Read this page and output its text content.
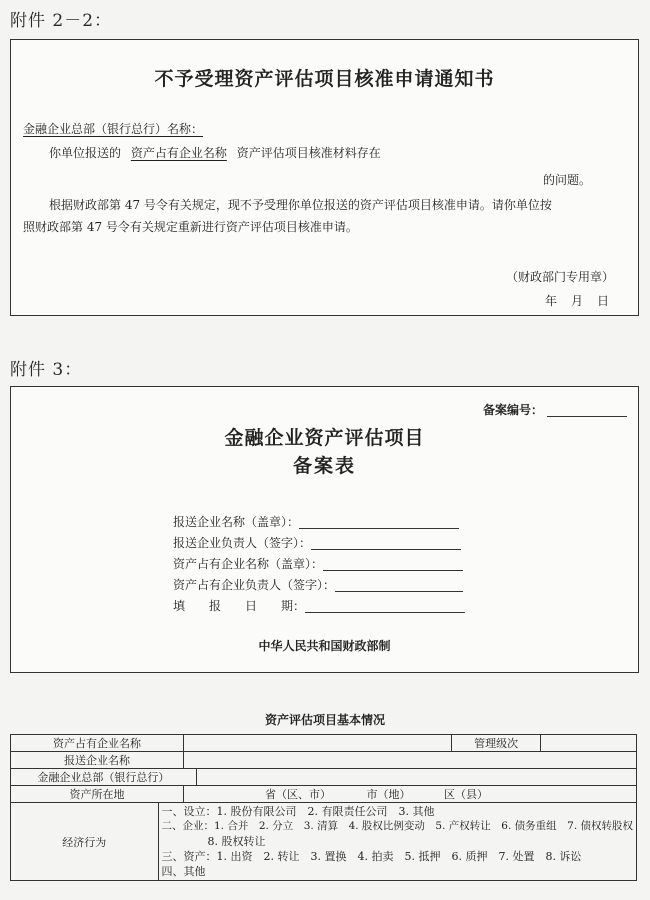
附件 2－2：
不予受理资产评估项目核准申请通知书
金融企业总部（银行总行）名称：
你单位报送的 资产占有企业名称 资产评估项目核准材料存在
的问题。
根据财政部第 47 号令有关规定，现不予受理你单位报送的资产评估项目核准申请。请你单位按
照财政部第 47 号令有关规定重新进行资产评估项目核准申请。
（财政部门专用章）
年　月　日
附件 3：
备案编号：
金融企业资产评估项目
备案表
报送企业名称（盖章）：
报送企业负责人（签字）：
资产占有企业名称（盖章）：
资产占有企业负责人（签字）：
填　　报　　日　　期：
中华人民共和国财政部制
资产评估项目基本情况
资产占有企业名称				管理级次	
报送企业名称					
金融企业总部（银行总行）					
资产所在地		省（区、市） 市（地） 区（县）			
经济行为	一、设立：1. 股份有限公司　2. 有限责任公司　3. 其他
二、企业：1. 合并　2. 分立　3. 清算　4. 股权比例变动　5. 产权转让　6. 债务重组　7. 债权转股权
8. 股权转让
三、资产：1. 出资　2. 转让　3. 置换　4. 拍卖　5. 抵押　6. 质押　7. 处置　8. 诉讼
四、其他				
